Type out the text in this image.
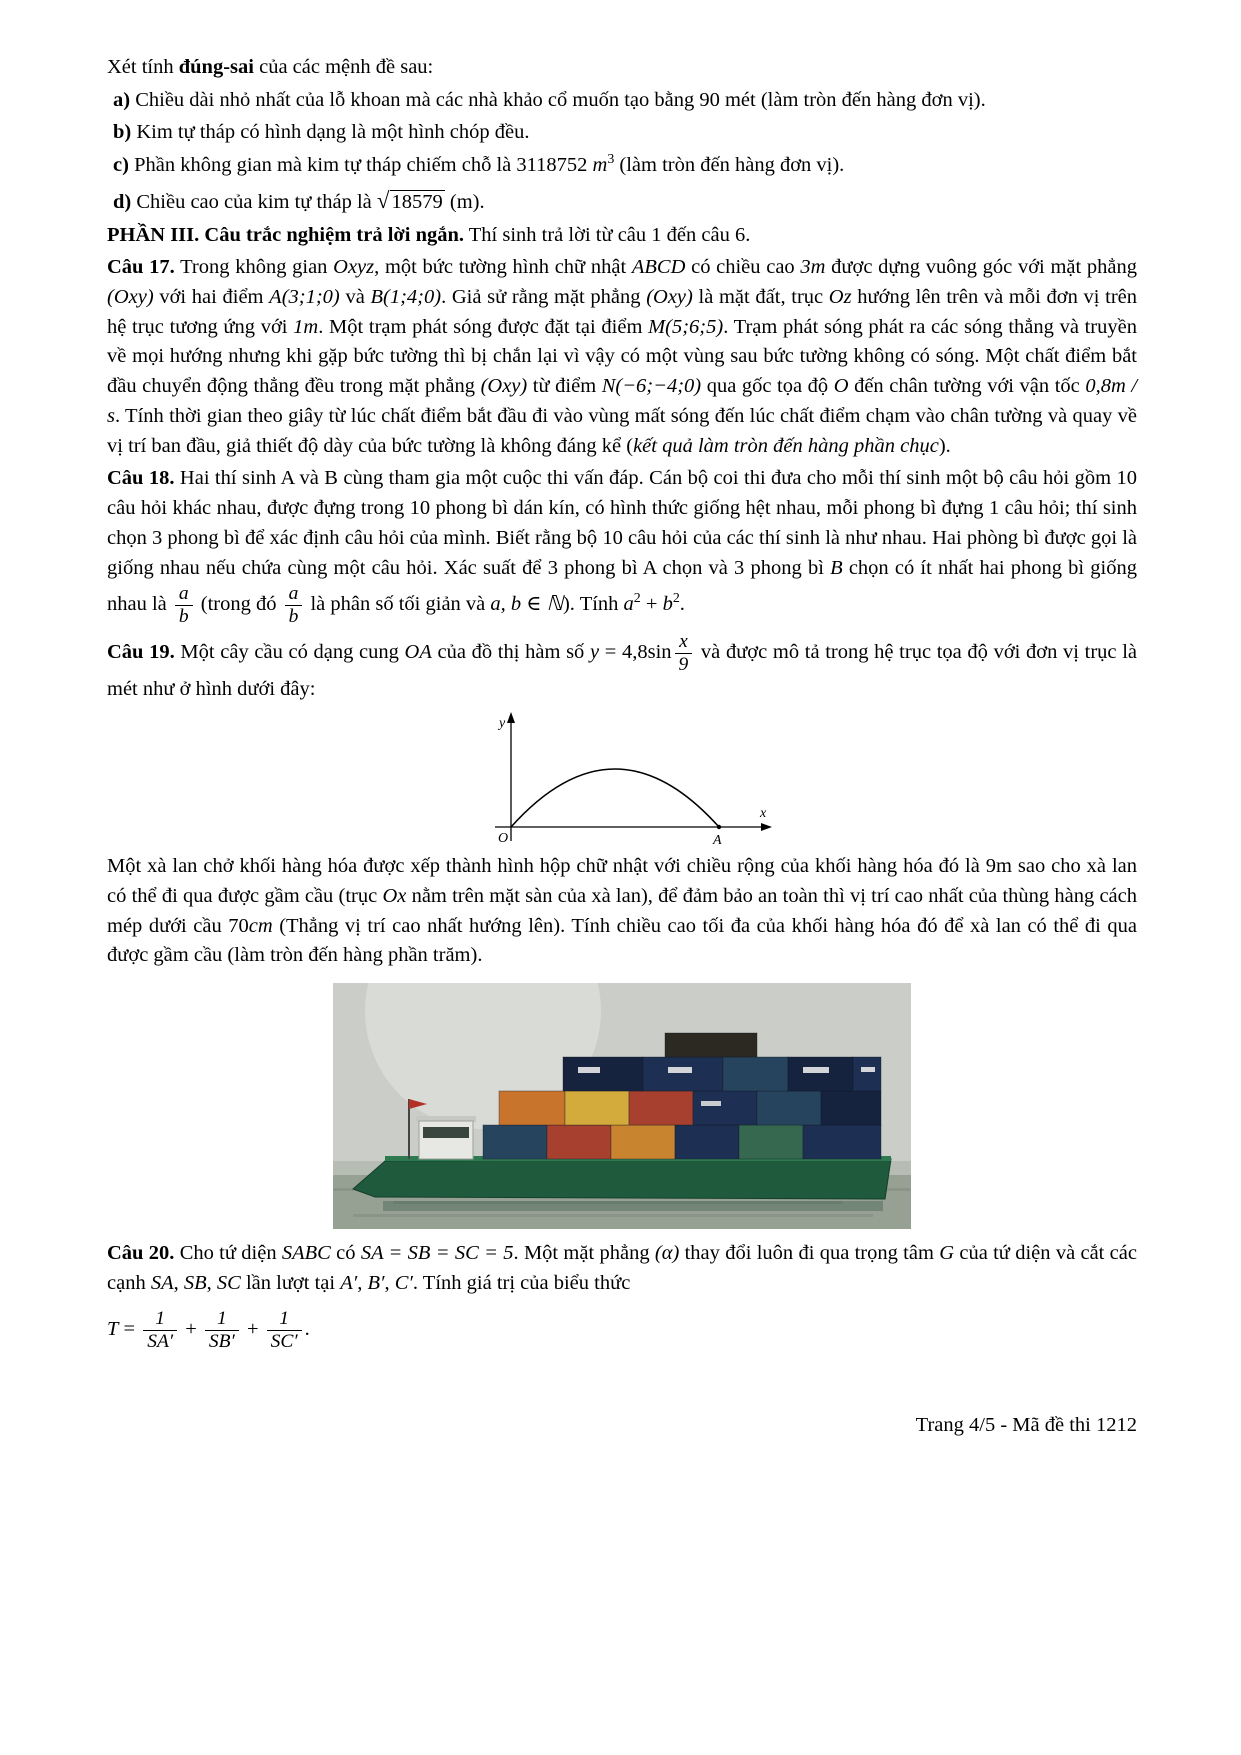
Xét tính đúng-sai của các mệnh đề sau:
a) Chiều dài nhỏ nhất của lỗ khoan mà các nhà khảo cổ muốn tạo bằng 90 mét (làm tròn đến hàng đơn vị).
b) Kim tự tháp có hình dạng là một hình chóp đều.
c) Phần không gian mà kim tự tháp chiếm chỗ là 3118752 $m^3$ (làm tròn đến hàng đơn vị).
d) Chiều cao của kim tự tháp là √18579 (m).
PHẦN III. Câu trắc nghiệm trả lời ngắn. Thí sinh trả lời từ câu 1 đến câu 6.
Câu 17. Trong không gian Oxyz, một bức tường hình chữ nhật ABCD có chiều cao 3m được dựng vuông góc với mặt phẳng (Oxy) với hai điểm A(3;1;0) và B(1;4;0). Giả sử rằng mặt phẳng (Oxy) là mặt đất, trục Oz hướng lên trên và mỗi đơn vị trên hệ trục tương ứng với 1m. Một trạm phát sóng được đặt tại điểm M(5;6;5). Trạm phát sóng phát ra các sóng thẳng và truyền về mọi hướng nhưng khi gặp bức tường thì bị chắn lại vì vậy có một vùng sau bức tường không có sóng. Một chất điểm bắt đầu chuyển động thẳng đều trong mặt phẳng (Oxy) từ điểm N(−6;−4;0) qua gốc tọa độ O đến chân tường với vận tốc 0,8m / s. Tính thời gian theo giây từ lúc chất điểm bắt đầu đi vào vùng mất sóng đến lúc chất điểm chạm vào chân tường và quay về vị trí ban đầu, giả thiết độ dày của bức tường là không đáng kể (kết quả làm tròn đến hàng phần chục).
Câu 18. Hai thí sinh A và B cùng tham gia một cuộc thi vấn đáp. Cán bộ coi thi đưa cho mỗi thí sinh một bộ câu hỏi gồm 10 câu hỏi khác nhau, được đựng trong 10 phong bì dán kín, có hình thức giống hệt nhau, mỗi phong bì đựng 1 câu hỏi; thí sinh chọn 3 phong bì để xác định câu hỏi của mình. Biết rằng bộ 10 câu hỏi của các thí sinh là như nhau. Hai phòng bì được gọi là giống nhau nếu chứa cùng một câu hỏi. Xác suất để 3 phong bì A chọn và 3 phong bì B chọn có ít nhất hai phong bì giống nhau là $\frac{a}{b}$ (trong đó $\frac{a}{b}$ là phân số tối giản và a, b ∈ ℕ). Tính $a^2 + b^2$.
Câu 19. Một cây cầu có dạng cung OA của đồ thị hàm số $y = 4,8\sin \frac{x}{9}$ và được mô tả trong hệ trục tọa độ với đơn vị trục là mét như ở hình dưới đây:
y
x
O	A
Một xà lan chở khối hàng hóa được xếp thành hình hộp chữ nhật với chiều rộng của khối hàng hóa đó là 9m sao cho xà lan có thể đi qua được gầm cầu (trục Ox nằm trên mặt sàn của xà lan), để đảm bảo an toàn thì vị trí cao nhất của thùng hàng cách mép dưới cầu 70cm (Thẳng vị trí cao nhất hướng lên). Tính chiều cao tối đa của khối hàng hóa đó để xà lan có thể đi qua được gầm cầu (làm tròn đến hàng phần trăm).
Câu 20. Cho tứ diện SABC có SA = SB = SC = 5. Một mặt phẳng (α) thay đổi luôn đi qua trọng tâm G của tứ diện và cắt các cạnh SA, SB, SC lần lượt tại A′, B′, C′. Tính giá trị của biểu thức
$T = \frac{1}{SA'} + \frac{1}{SB'} + \frac{1}{SC'}$ .
Trang 4/5 - Mã đề thi 1212
